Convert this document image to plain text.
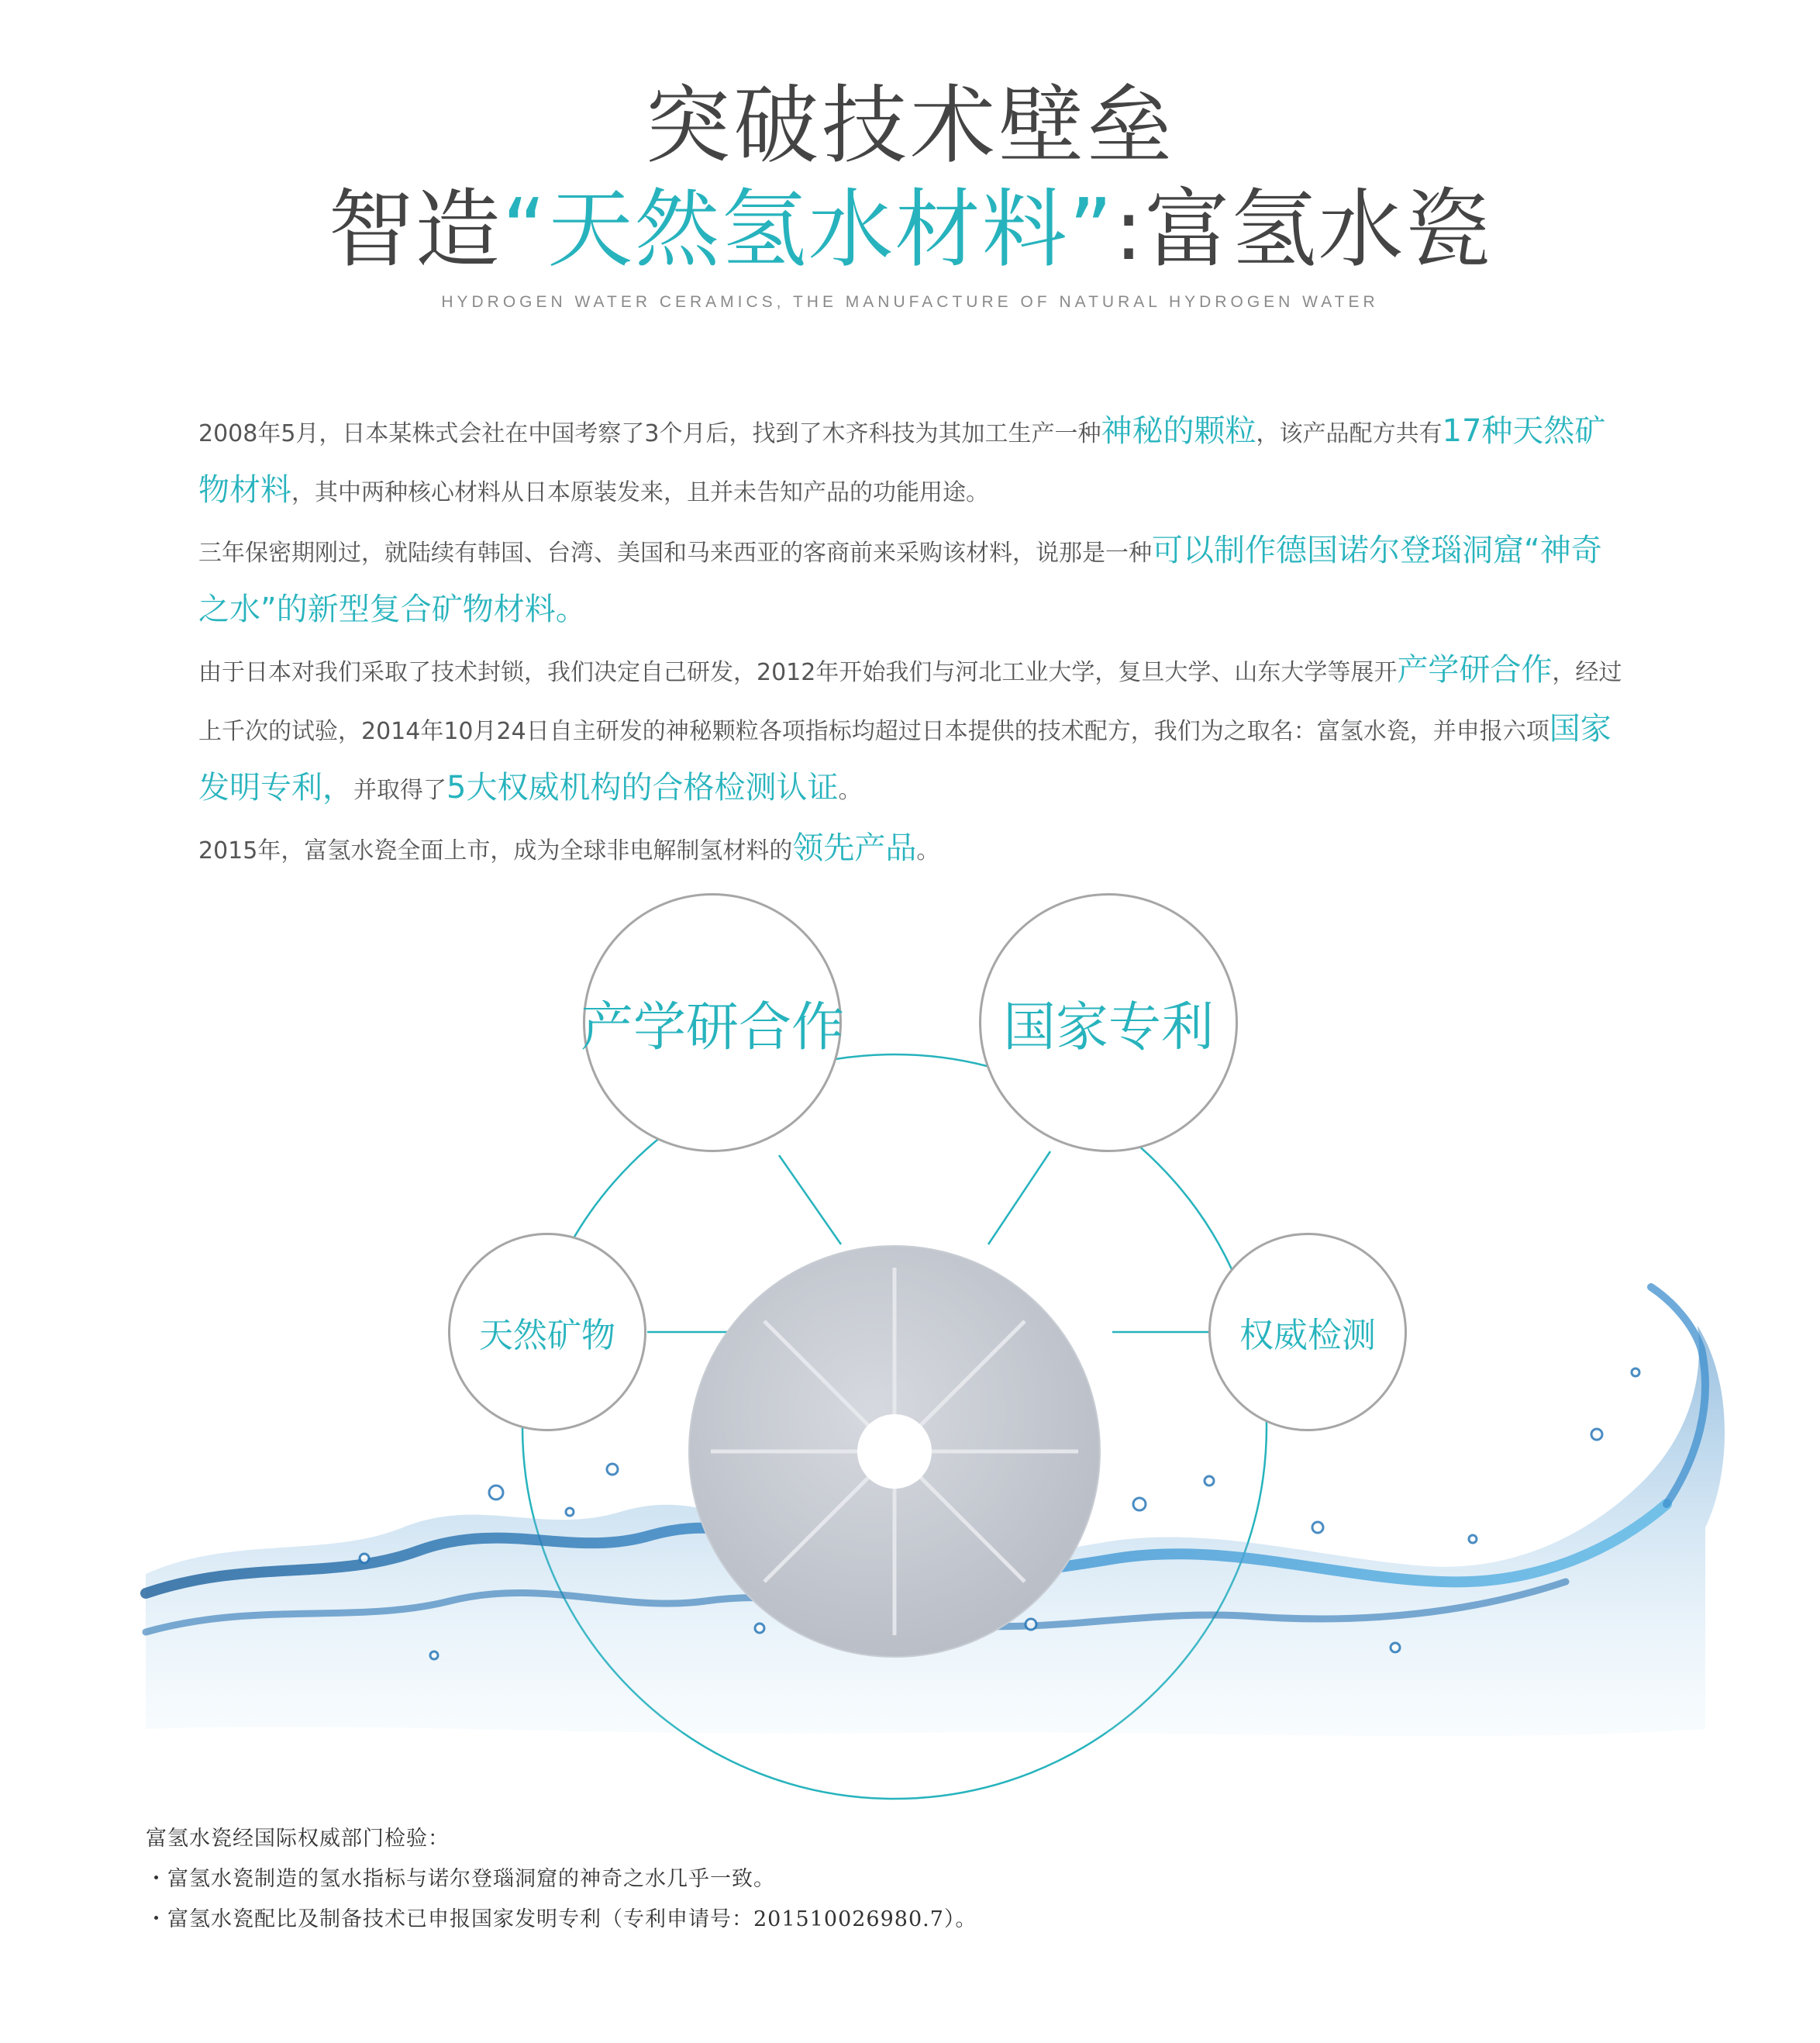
突破技术壁垒
智造“天然氢水材料”:富氢水瓷

HYDROGEN WATER CERAMICS, THE MANUFACTURE OF NATURAL HYDROGEN WATER

2008年5月，日本某株式会社在中国考察了3个月后，找到了木齐科技为其加工生产一种神秘的颗粒，该产品配方共有17种天然矿物材料，其中两种核心材料从日本原装发来，且并未告知产品的功能用途。

三年保密期刚过，就陆续有韩国、台湾、美国和马来西亚的客商前来采购该材料，说那是一种可以制作德国诺尔登瑙洞窟“神奇之水”的新型复合矿物材料。

由于日本对我们采取了技术封锁，我们决定自己研发，2012年开始我们与河北工业大学，复旦大学、山东大学等展开产学研合作，经过上千次的试验，2014年10月24日自主研发的神秘颗粒各项指标均超过日本提供的技术配方，我们为之取名：富氢水瓷，并申报六项国家发明专利，并取得了5大权威机构的合格检测认证。

2015年，富氢水瓷全面上市，成为全球非电解制氢材料的领先产品。

产学研合作	国家专利
天然矿物	权威检测
富氢水瓷经国际权威部门检验：
・富氢水瓷制造的氢水指标与诺尔登瑙洞窟的神奇之水几乎一致。
・富氢水瓷配比及制备技术已申报国家发明专利（专利申请号：201510026980.7）。
